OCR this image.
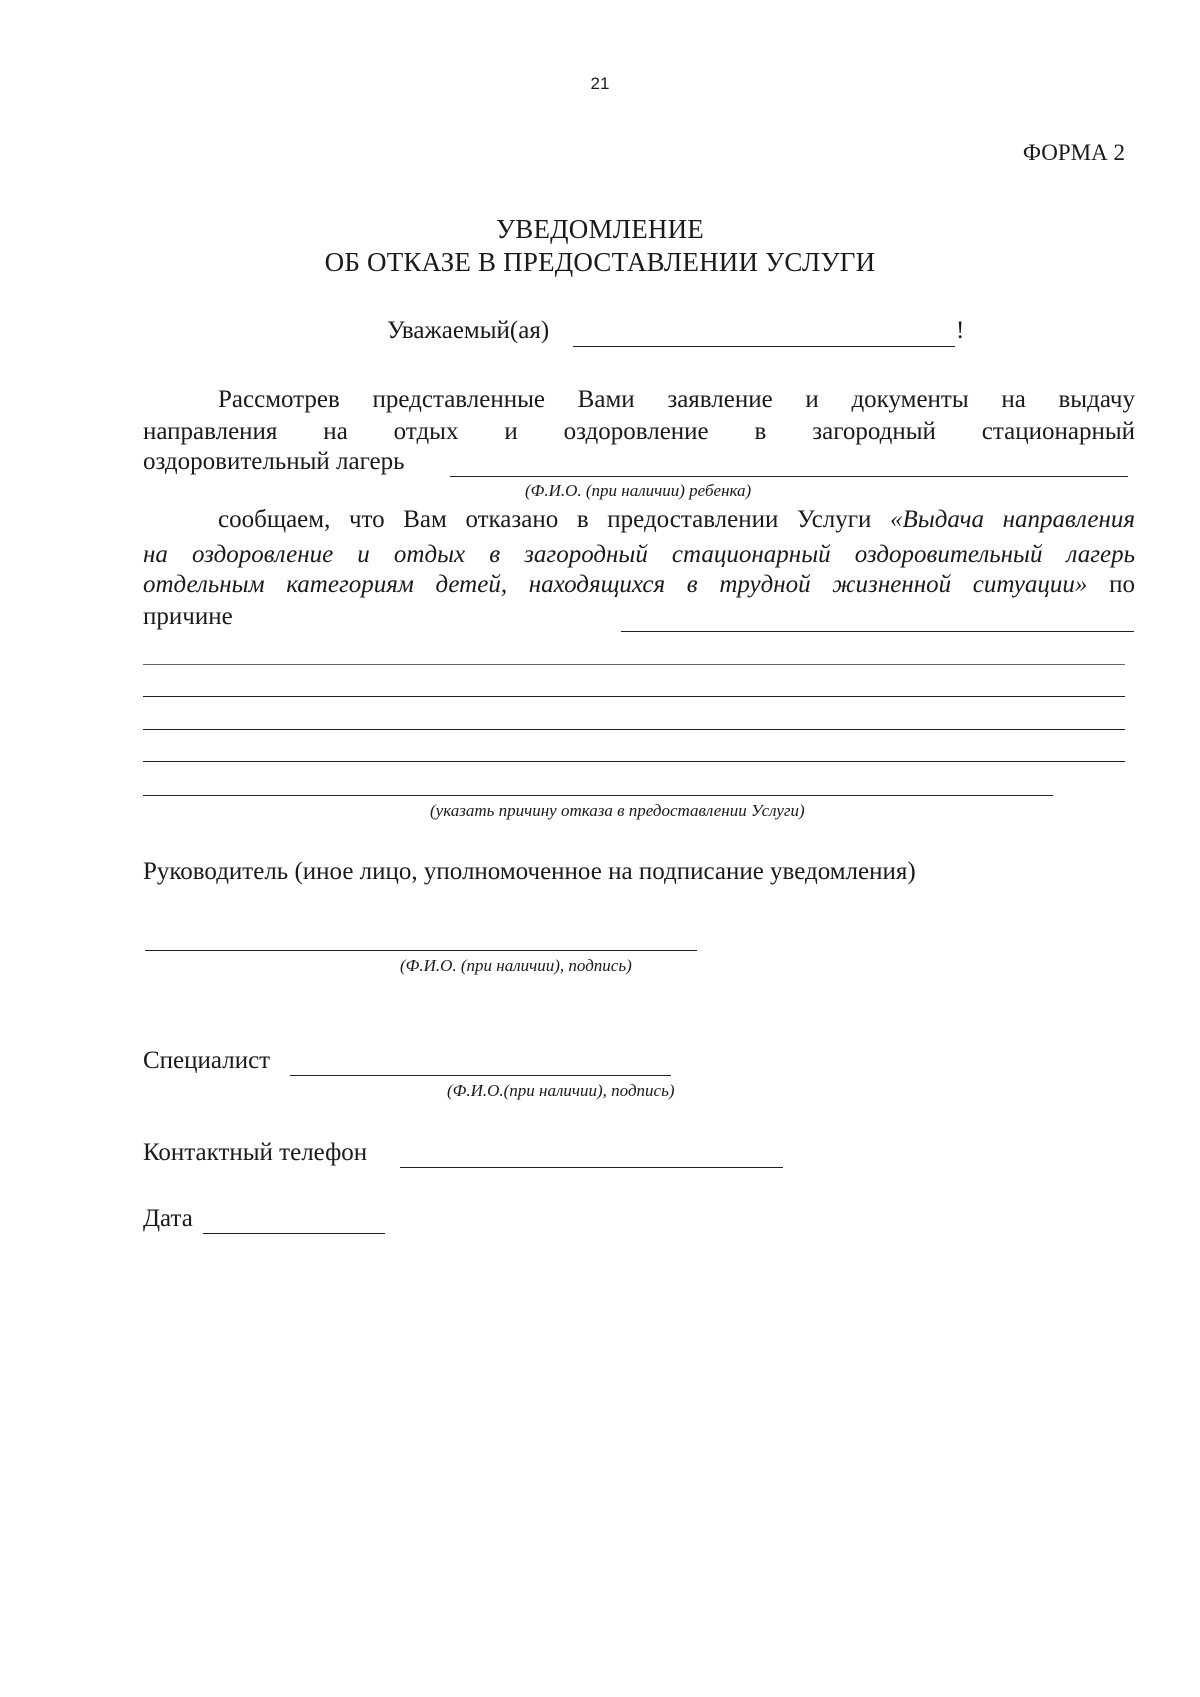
21
ФОРМА 2
УВЕДОМЛЕНИЕ
ОБ ОТКАЗЕ В ПРЕДОСТАВЛЕНИИ УСЛУГИ
Уважаемый(ая)	!
Рассмотрев представленные Вами заявление и документы на выдачу
направления на отдых и оздоровление в загородный стационарный
оздоровительный лагерь
(Ф.И.О. (при наличии) ребенка)
сообщаем, что Вам отказано в предоставлении Услуги «Выдача направления
на оздоровление и отдых в загородный стационарный оздоровительный лагерь
отдельным категориям детей, находящихся в трудной жизненной ситуации» по
причине
(указать причину отказа в предоставлении Услуги)
Руководитель (иное лицо, уполномоченное на подписание уведомления)
(Ф.И.О. (при наличии), подпись)
Специалист
(Ф.И.О.(при наличии), подпись)
Контактный телефон
Дата
